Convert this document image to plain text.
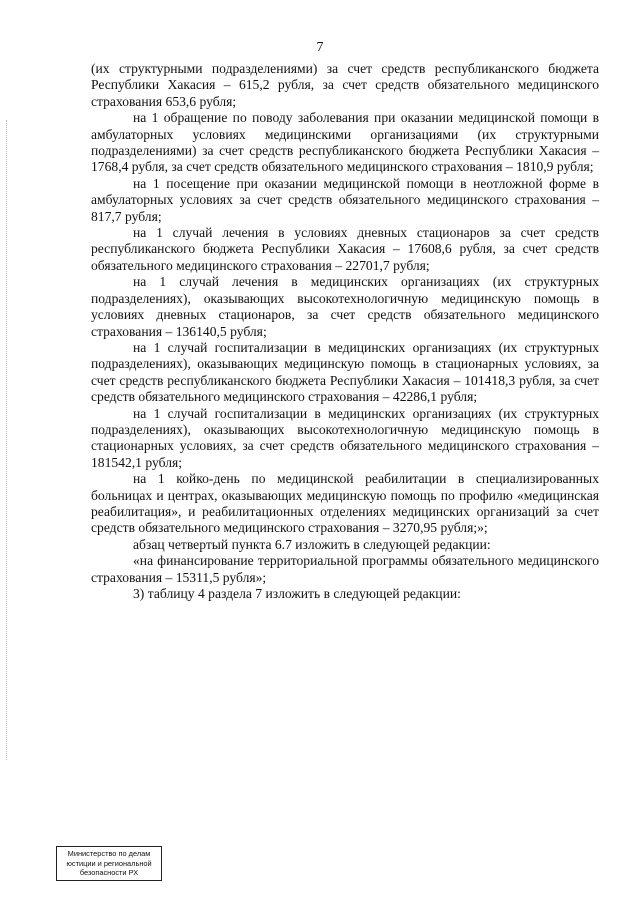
7

(их структурными подразделениями) за счет средств республиканского бюджета Республики Хакасия – 615,2 рубля, за счет средств обязательного медицинского страхования 653,6 рубля;

на 1 обращение по поводу заболевания при оказании медицинской помощи в амбулаторных условиях медицинскими организациями (их структурными подразделениями) за счет средств республиканского бюджета Республики Хакасия – 1768,4 рубля, за счет средств обязательного медицинского страхования – 1810,9 рубля;

на 1 посещение при оказании медицинской помощи в неотложной форме в амбулаторных условиях за счет средств обязательного медицинского страхования – 817,7 рубля;

на 1 случай лечения в условиях дневных стационаров за счет средств республиканского бюджета Республики Хакасия – 17608,6 рубля, за счет средств обязательного медицинского страхования – 22701,7 рубля;

на 1 случай лечения в медицинских организациях (их структурных подразделениях), оказывающих высокотехнологичную медицинскую помощь в условиях дневных стационаров, за счет средств обязательного медицинского страхования – 136140,5 рубля;

на 1 случай госпитализации в медицинских организациях (их структурных подразделениях), оказывающих медицинскую помощь в стационарных условиях, за счет средств республиканского бюджета Республики Хакасия – 101418,3 рубля, за счет средств обязательного медицинского страхования – 42286,1 рубля;

на 1 случай госпитализации в медицинских организациях (их структурных подразделениях), оказывающих высокотехнологичную медицинскую помощь в стационарных условиях, за счет средств обязательного медицинского страхования – 181542,1 рубля;

на 1 койко-день по медицинской реабилитации в специализированных больницах и центрах, оказывающих медицинскую помощь по профилю «медицинская реабилитация», и реабилитационных отделениях медицинских организаций за счет средств обязательного медицинского страхования – 3270,95 рубля;»;

абзац четвертый пункта 6.7 изложить в следующей редакции:

«на финансирование территориальной программы обязательного медицинского страхования – 15311,5 рубля»;

3) таблицу 4 раздела 7 изложить в следующей редакции:

Министерство по делам
юстиции и региональной
безопасности РХ
